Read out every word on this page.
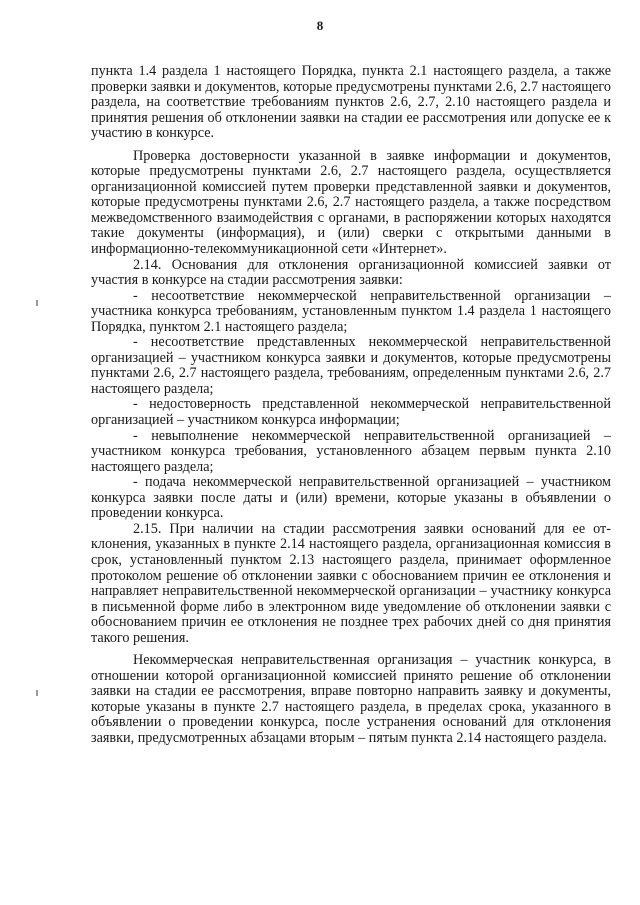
8

пункта 1.4 раздела 1 настоящего Порядка, пункта 2.1 настоящего раздела, а также проверки заявки и документов, которые предусмотрены пунктами 2.6, 2.7 настоящего раздела, на соответствие требованиям пунктов 2.6, 2.7, 2.10 настоящего раздела и принятия решения об отклонении заявки на стадии ее рассмотрения или допуске ее к участию в конкурсе.

Проверка достоверности указанной в заявке информации и документов, которые предусмотрены пунктами 2.6, 2.7 настоящего раздела, осуществляется организационной комиссией путем проверки представленной заявки и документов, которые предусмотрены пунктами 2.6, 2.7 настоящего раздела, а также посредством межведомственного взаимодействия с органами, в распоряжении которых находятся такие документы (информация), и (или) сверки с открытыми данными в информационно-телекоммуникационной сети «Интернет».

2.14. Основания для отклонения организационной комиссией заявки от участия в конкурсе на стадии рассмотрения заявки:

- несоответствие некоммерческой неправительственной организации – участника конкурса требованиям, установленным пунктом 1.4 раздела 1 настоящего Порядка, пунктом 2.1 настоящего раздела;

- несоответствие представленных некоммерческой неправительственной организацией – участником конкурса заявки и документов, которые предусмотрены пунктами 2.6, 2.7 настоящего раздела, требованиям, определенным пунктами 2.6, 2.7 настоящего раздела;

- недостоверность представленной некоммерческой неправительственной организацией – участником конкурса информации;

- невыполнение некоммерческой неправительственной организацией – участником конкурса требования, установленного абзацем первым пункта 2.10 настоящего раздела;

- подача некоммерческой неправительственной организацией – участником конкурса заявки после даты и (или) времени, которые указаны в объявлении о проведении конкурса.

2.15. При наличии на стадии рассмотрения заявки оснований для ее отклонения, указанных в пункте 2.14 настоящего раздела, организационная комиссия в срок, установленный пунктом 2.13 настоящего раздела, принимает оформленное протоколом решение об отклонении заявки с обоснованием причин ее отклонения и направляет неправительственной некоммерческой организации – участнику конкурса в письменной форме либо в электронном виде уведомление об отклонении заявки с обоснованием причин ее отклонения не позднее трех рабочих дней со дня принятия такого решения.

Некоммерческая неправительственная организация – участник конкурса, в отношении которой организационной комиссией принято решение об отклонении заявки на стадии ее рассмотрения, вправе повторно направить заявку и документы, которые указаны в пункте 2.7 настоящего раздела, в пределах срока, указанного в объявлении о проведении конкурса, после устранения оснований для отклонения заявки, предусмотренных абзацами вторым – пятым пункта 2.14 настоящего раздела.
